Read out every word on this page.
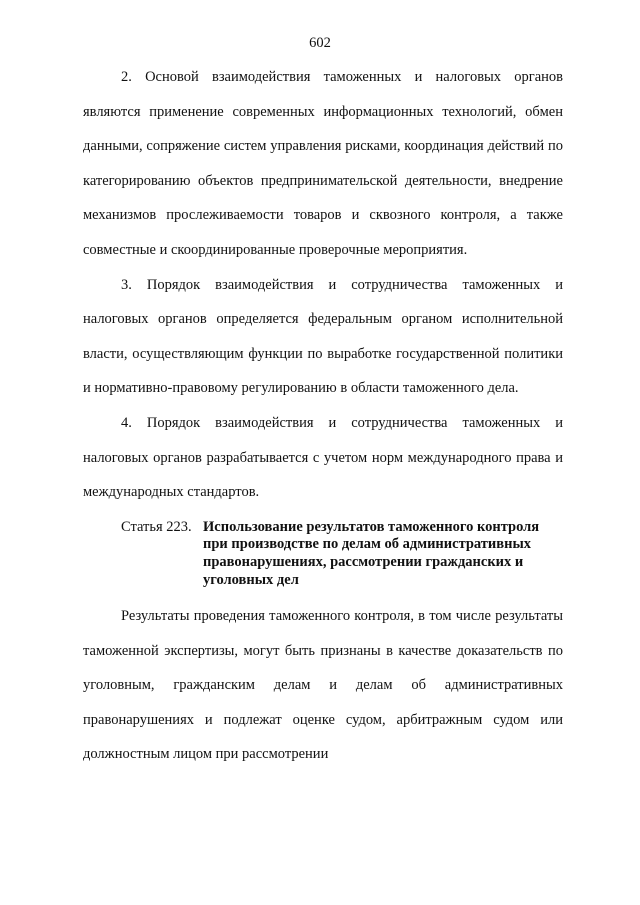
602

2. Основой взаимодействия таможенных и налоговых органов являются применение современных информационных технологий, обмен данными, сопряжение систем управления рисками, координация действий по категорированию объектов предпринимательской деятельности, внедрение механизмов прослеживаемости товаров и сквозного контроля, а также совместные и скоординированные проверочные мероприятия.

3. Порядок взаимодействия и сотрудничества таможенных и налоговых органов определяется федеральным органом исполнительной власти, осуществляющим функции по выработке государственной политики и нормативно-правовому регулированию в области таможенного дела.

4. Порядок взаимодействия и сотрудничества таможенных и налоговых органов разрабатывается с учетом норм международного права и международных стандартов.

Статья 223. Использование результатов таможенного контроля при производстве по делам об административных правонарушениях, рассмотрении гражданских и уголовных дел

Результаты проведения таможенного контроля, в том числе результаты таможенной экспертизы, могут быть признаны в качестве доказательств по уголовным, гражданским делам и делам об административных правонарушениях и подлежат оценке судом, арбитражным судом или должностным лицом при рассмотрении
